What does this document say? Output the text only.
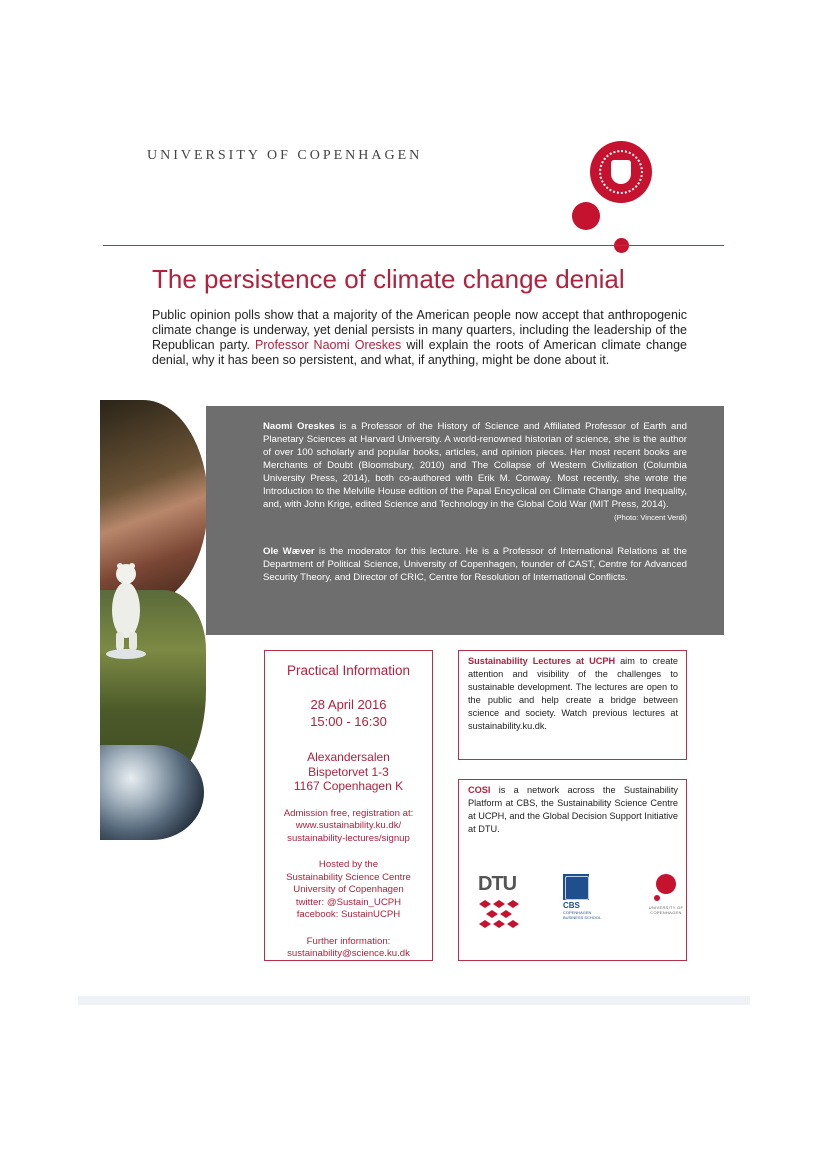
UNIVERSITY OF COPENHAGEN
The persistence of climate change denial

Public opinion polls show that a majority of the American people now accept that anthropogenic climate change is underway, yet denial persists in many quarters, including the leadership of the Republican party. Professor Naomi Oreskes will explain the roots of American climate change denial, why it has been so persistent, and what, if anything, might be done about it.

Naomi Oreskes is a Professor of the History of Science and Affiliated Professor of Earth and Planetary Sciences at Harvard University. A world-renowned historian of science, she is the author of over 100 scholarly and popular books, articles, and opinion pieces. Her most recent books are Merchants of Doubt (Bloomsbury, 2010) and The Collapse of Western Civilization (Columbia University Press, 2014), both co-authored with Erik M. Conway. Most recently, she wrote the Introduction to the Melville House edition of the Papal Encyclical on Climate Change and Inequality, and, with John Krige, edited Science and Technology in the Global Cold War (MIT Press, 2014).
(Photo: Vincent Verdi)

Ole Wæver is the moderator for this lecture. He is a Professor of International Relations at the Department of Political Science, University of Copenhagen, founder of CAST, Centre for Advanced Security Theory, and Director of CRIC, Centre for Resolution of International Conflicts.

Practical Information
28 April 2016
15:00 - 16:30
Alexandersalen
Bispetorvet 1-3
1167 Copenhagen K
Admission free, registration at:
www.sustainability.ku.dk/
sustainability-lectures/signup
Hosted by the
Sustainability Science Centre
University of Copenhagen
twitter: @Sustain_UCPH
facebook: SustainUCPH
Further information:
sustainability@science.ku.dk

Sustainability Lectures at UCPH aim to create attention and visibility of the challenges to sustainable development. The lectures are open to the public and help create a bridge between science and society. Watch previous lectures at sustainability.ku.dk.

COSI is a network across the Sustainability Platform at CBS, the Sustainability Science Centre at UCPH, and the Global Decision Support Initiative at DTU.

DTU
CBS
COPENHAGEN BUSINESS SCHOOL
UNIVERSITY OF COPENHAGEN
